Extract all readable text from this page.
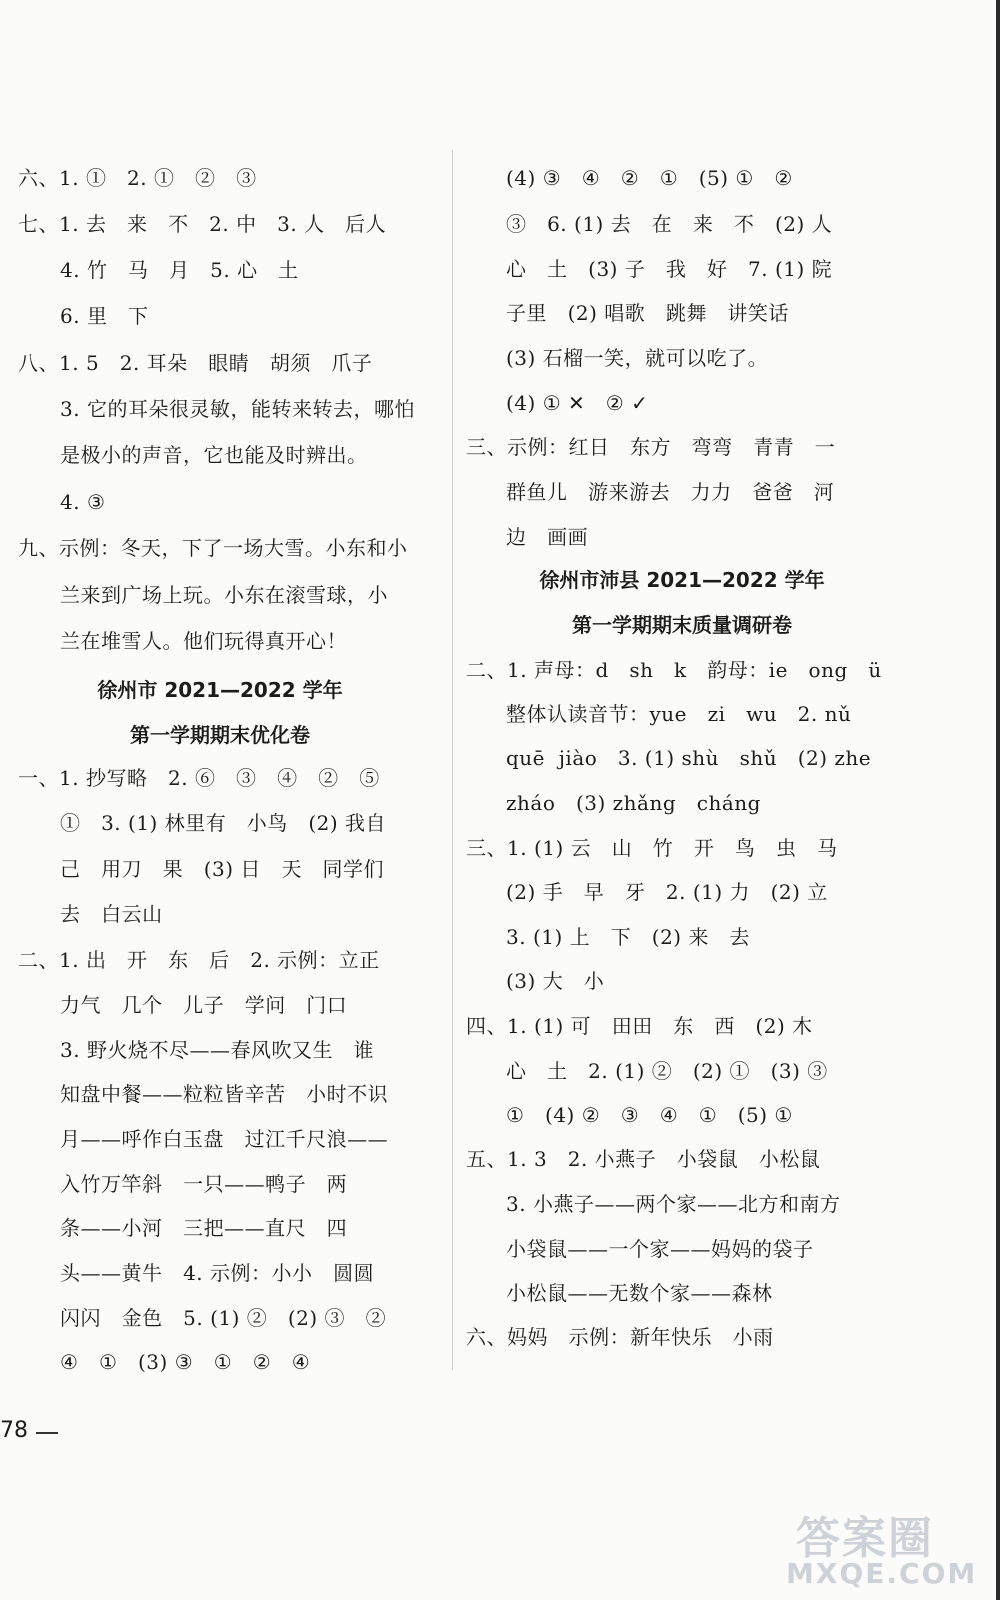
六、1. ①   2. ①   ②   ③
七、1. 去   来   不   2. 中   3. 人   后人
4. 竹   马   月   5. 心   土
6. 里   下
八、1. 5   2. 耳朵   眼睛   胡须   爪子
3. 它的耳朵很灵敏，能转来转去，哪怕
是极小的声音，它也能及时辨出。
4. ③
九、示例：冬天，下了一场大雪。小东和小
兰来到广场上玩。小东在滚雪球，小
兰在堆雪人。他们玩得真开心！
一、1. 抄写略   2. ⑥   ③   ④   ②   ⑤
①   3. (1) 林里有   小鸟   (2) 我自
己   用刀   果   (3) 日   天   同学们
去   白云山
二、1. 出   开   东   后   2. 示例：立正
力气   几个   儿子   学问   门口
3. 野火烧不尽——春风吹又生   谁
知盘中餐——粒粒皆辛苦   小时不识
月——呼作白玉盘   过江千尺浪——
入竹万竿斜   一只——鸭子   两
条——小河   三把——直尺   四
头——黄牛   4. 示例：小小   圆圆
闪闪   金色   5. (1) ②   (2) ③   ②
④   ①   (3) ③   ①   ②   ④
徐州市 2021—2022 学年
第一学期期末优化卷
(4) ③   ④   ②   ①   (5) ①   ②
③   6. (1) 去   在   来   不   (2) 人
心   土   (3) 子   我   好   7. (1) 院
子里   (2) 唱歌   跳舞   讲笑话
(3) 石榴一笑，就可以吃了。
(4) ① ✕   ② ✓
三、示例：红日   东方   弯弯   青青   一
群鱼儿   游来游去   力力   爸爸   河
边   画画
二、1. 声母：d   sh   k   韵母：ie   ong   ü
整体认读音节：yue   zi   wu   2. nǔ
quē  jiào   3. (1) shù   shǔ   (2) zhe
zháo   (3) zhǎng   cháng
三、1. (1) 云   山   竹   开   鸟   虫   马
(2) 手   早   牙   2. (1) 力   (2) 立
3. (1) 上   下   (2) 来   去
(3) 大   小
四、1. (1) 可   田田   东   西   (2) 木
心   土   2. (1) ②   (2) ①   (3) ③
①   (4) ②   ③   ④   ①   (5) ①
五、1. 3   2. 小燕子   小袋鼠   小松鼠
3. 小燕子——两个家——北方和南方
小袋鼠——一个家——妈妈的袋子
小松鼠——无数个家——森林
六、妈妈   示例：新年快乐   小雨
徐州市沛县 2021—2022 学年
第一学期期末质量调研卷
78
答案圈
MXQE.COM
